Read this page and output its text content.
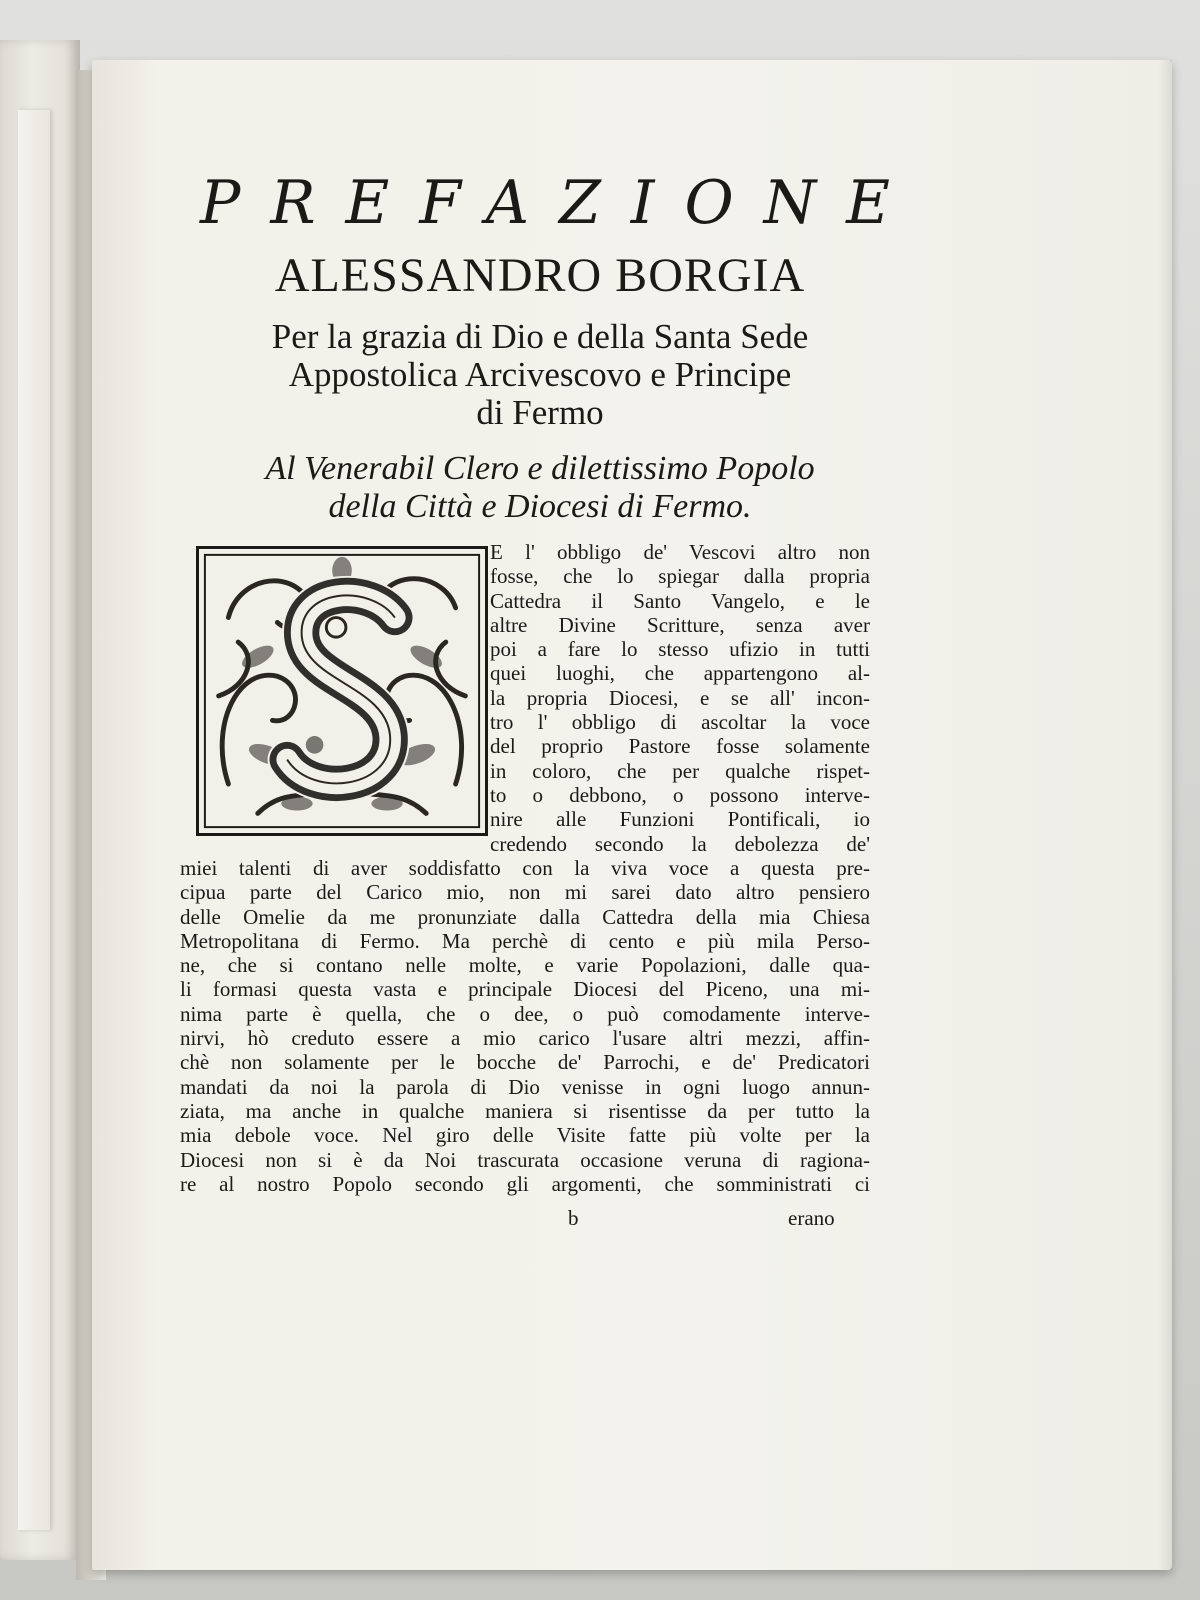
PREFAZIONE
ALESSANDRO BORGIA
Per la grazia di Dio e della Santa Sede
Appostolica Arcivescovo e Principe
di Fermo
Al Venerabil Clero e dilettissimo Popolo
della Città e Diocesi di Fermo.
E l' obbligo de' Vescovi altro non
fosse, che lo spiegar dalla propria
Cattedra il Santo Vangelo, e le
altre Divine Scritture, senza aver
poi a fare lo stesso ufizio in tutti
quei luoghi, che appartengono al-
la propria Diocesi, e se all' incon-
tro l' obbligo di ascoltar la voce
del proprio Pastore fosse solamente
in coloro, che per qualche rispet-
to o debbono, o possono interve-
nire alle Funzioni Pontificali, io
credendo secondo la debolezza de'
miei talenti di aver soddisfatto con la viva voce a questa pre-
cipua parte del Carico mio, non mi sarei dato altro pensiero
delle Omelie da me pronunziate dalla Cattedra della mia Chiesa
Metropolitana di Fermo. Ma perchè di cento e più mila Perso-
ne, che si contano nelle molte, e varie Popolazioni, dalle qua-
li formasi questa vasta e principale Diocesi del Piceno, una mi-
nima parte è quella, che o dee, o può comodamente interve-
nirvi, hò creduto essere a mio carico l'usare altri mezzi, affin-
chè non solamente per le bocche de' Parrochi, e de' Predicatori
mandati da noi la parola di Dio venisse in ogni luogo annun-
ziata, ma anche in qualche maniera si risentisse da per tutto la
mia debole voce. Nel giro delle Visite fatte più volte per la
Diocesi non si è da Noi trascurata occasione veruna di ragiona-
re al nostro Popolo secondo gli argomenti, che somministrati ci
b	erano
